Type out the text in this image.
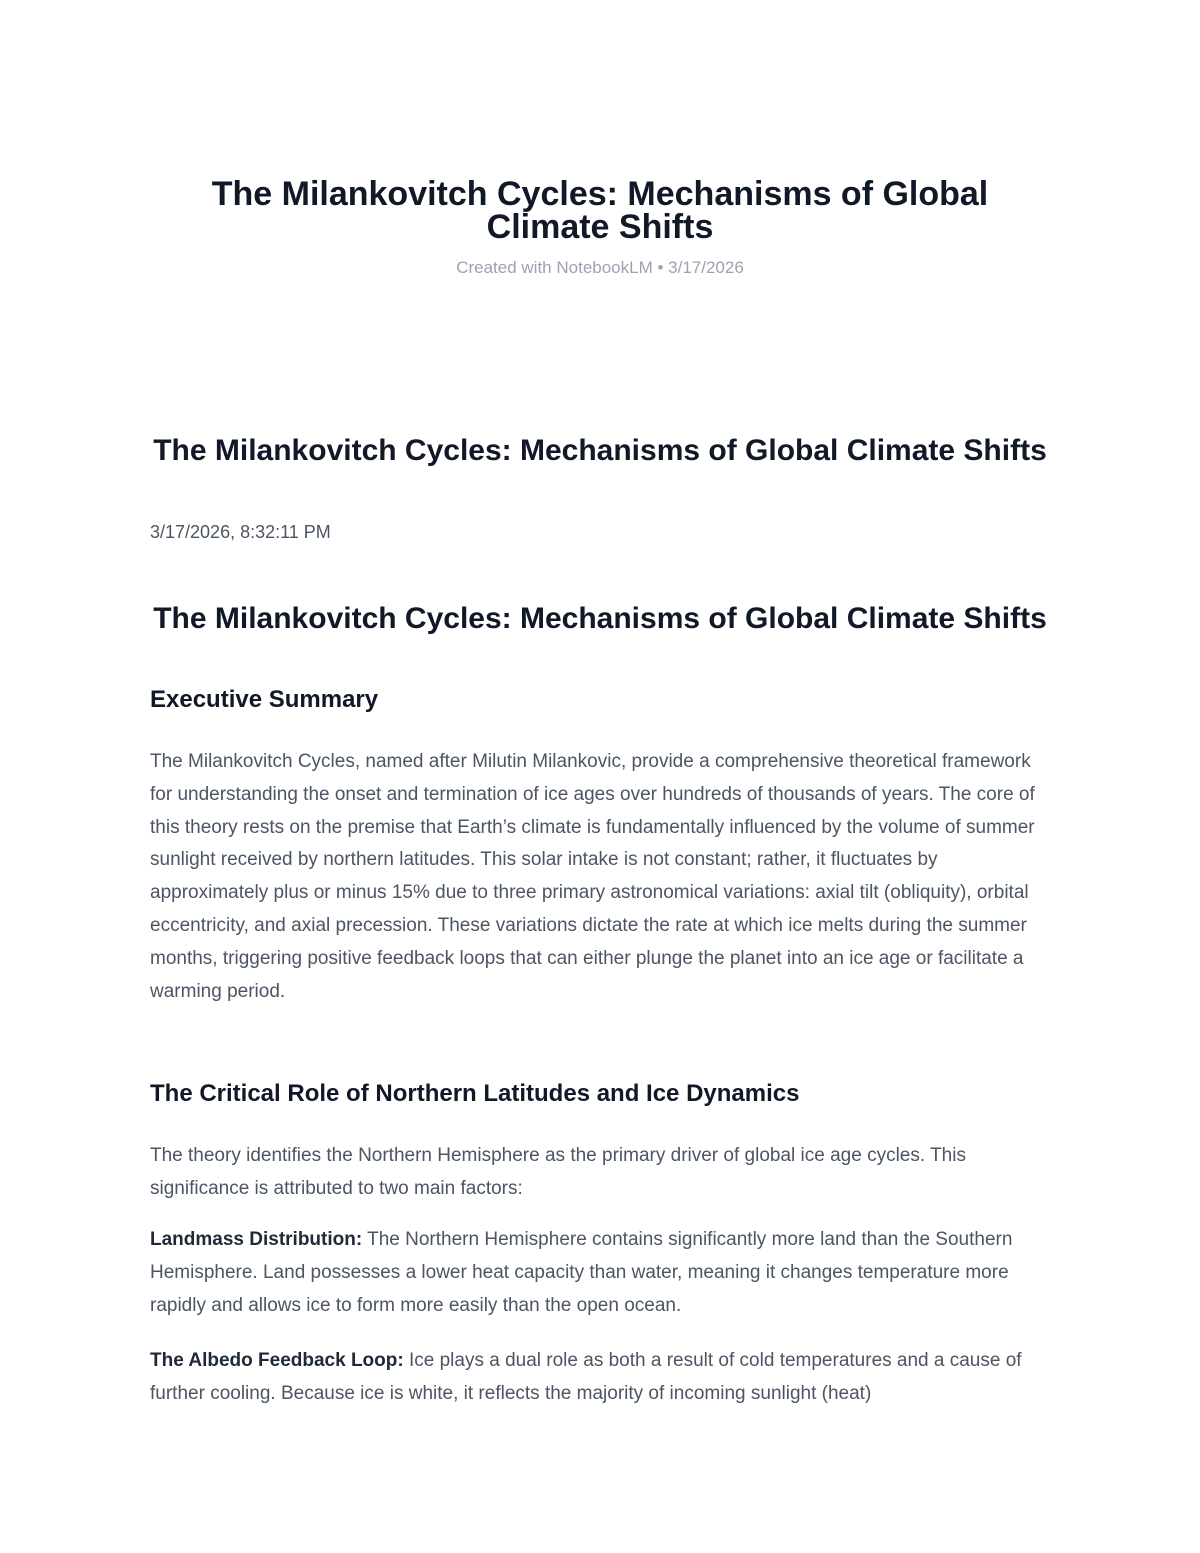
The Milankovitch Cycles: Mechanisms of Global Climate Shifts
Created with NotebookLM • 3/17/2026
The Milankovitch Cycles: Mechanisms of Global Climate Shifts
3/17/2026, 8:32:11 PM
The Milankovitch Cycles: Mechanisms of Global Climate Shifts
Executive Summary

The Milankovitch Cycles, named after Milutin Milankovic, provide a comprehensive theoretical framework for understanding the onset and termination of ice ages over hundreds of thousands of years. The core of this theory rests on the premise that Earth’s climate is fundamentally influenced by the volume of summer sunlight received by northern latitudes. This solar intake is not constant; rather, it fluctuates by approximately plus or minus 15% due to three primary astronomical variations: axial tilt (obliquity), orbital eccentricity, and axial precession. These variations dictate the rate at which ice melts during the summer months, triggering positive feedback loops that can either plunge the planet into an ice age or facilitate a warming period.

The Critical Role of Northern Latitudes and Ice Dynamics

The theory identifies the Northern Hemisphere as the primary driver of global ice age cycles. This significance is attributed to two main factors:

Landmass Distribution: The Northern Hemisphere contains significantly more land than the Southern Hemisphere. Land possesses a lower heat capacity than water, meaning it changes temperature more rapidly and allows ice to form more easily than the open ocean.

The Albedo Feedback Loop: Ice plays a dual role as both a result of cold temperatures and a cause of further cooling. Because ice is white, it reflects the majority of incoming sunlight (heat)
